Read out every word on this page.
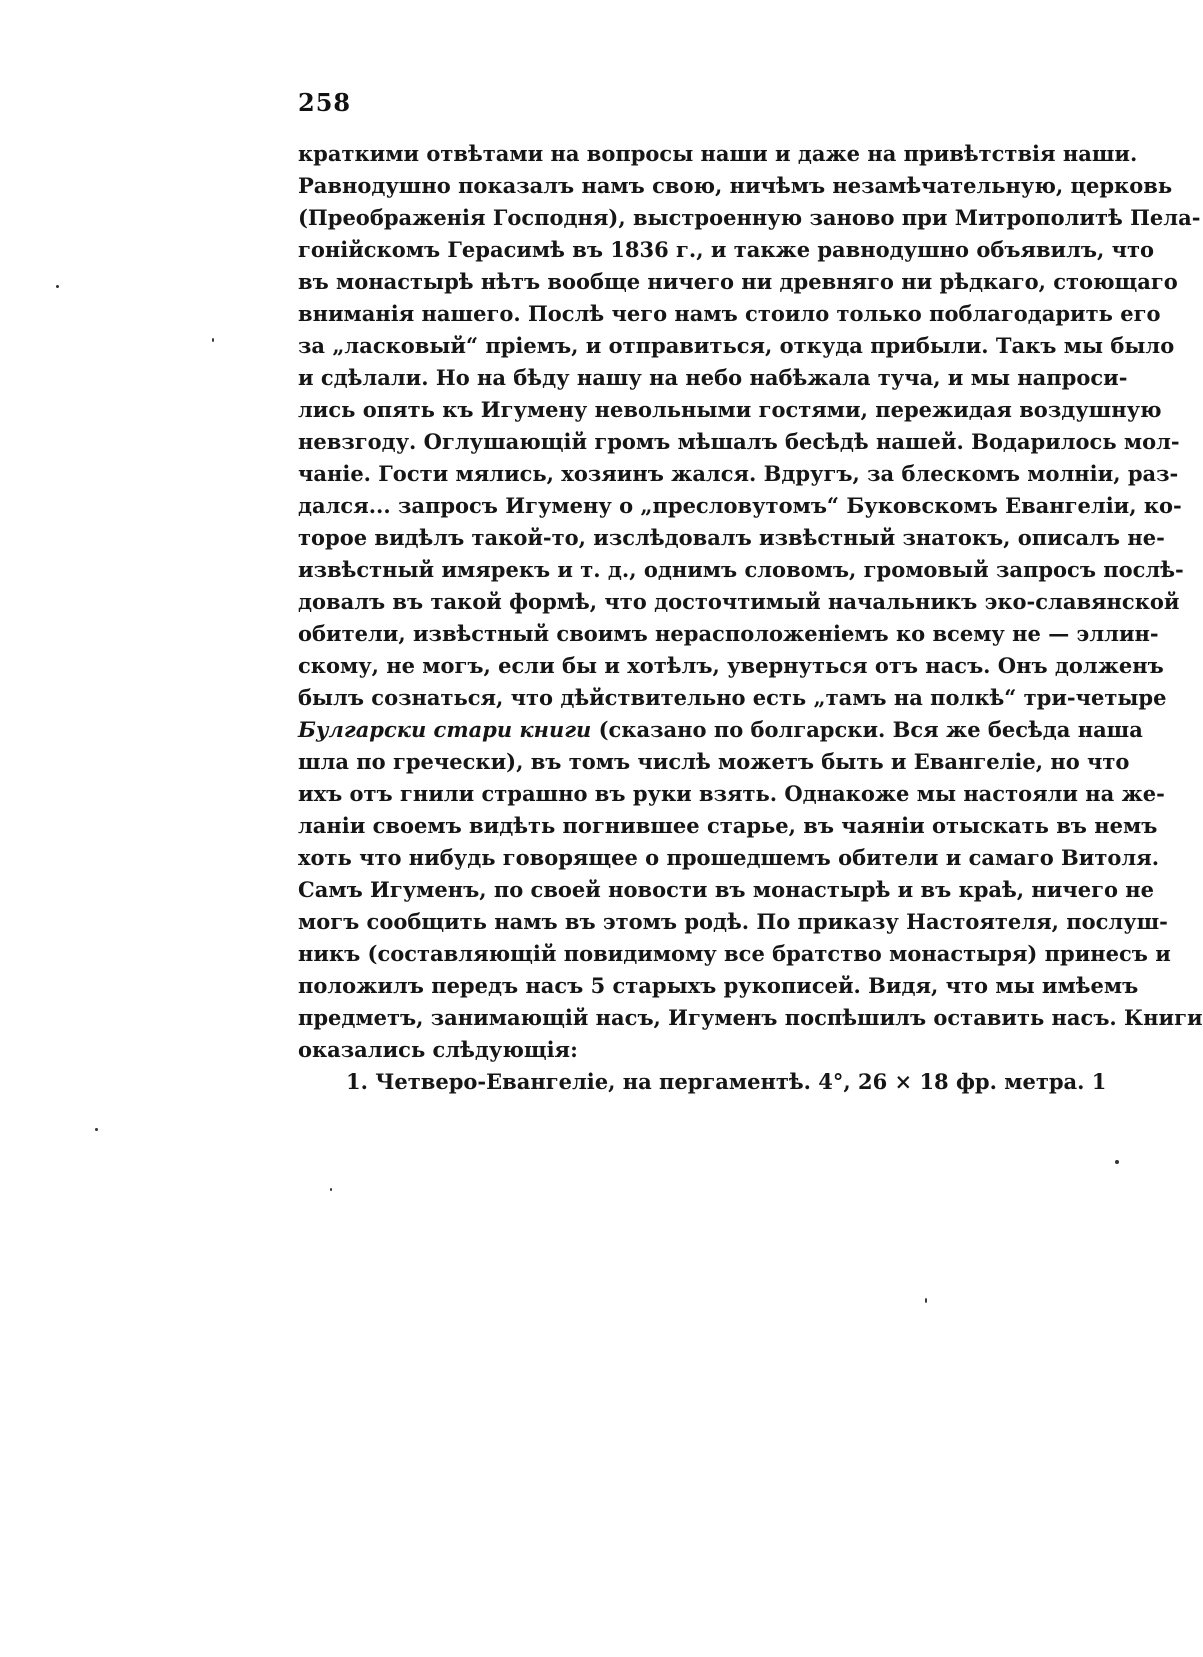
258
краткими отвѣтами на вопросы наши и даже на привѣтствія наши.
Равнодушно показалъ намъ свою, ничѣмъ незамѣчательную, церковь
(Преображенія Господня), выстроенную заново при Митрополитѣ Пела-
гонійскомъ Герасимѣ въ 1836 г., и также равнодушно объявилъ, что
въ монастырѣ нѣтъ вообще ничего ни древняго ни рѣдкаго, стоющаго
вниманія нашего. Послѣ чего намъ стоило только поблагодарить его
за „ласковый“ пріемъ, и отправиться, откуда прибыли. Такъ мы было
и сдѣлали. Но на бѣду нашу на небо набѣжала туча, и мы напроси-
лись опять къ Игумену невольными гостями, пережидая воздушную
невзгоду. Оглушающій громъ мѣшалъ бесѣдѣ нашей. Водарилось мол-
чаніе. Гости мялись, хозяинъ жался. Вдругъ, за блескомъ молніи, раз-
дался... запросъ Игумену о „пресловутомъ“ Буковскомъ Евангеліи, ко-
торое видѣлъ такой-то, изслѣдовалъ извѣстный знатокъ, описалъ не-
извѣстный имярекъ и т. д., однимъ словомъ, громовый запросъ послѣ-
довалъ въ такой формѣ, что досточтимый начальникъ эко-славянской
обители, извѣстный своимъ нерасположеніемъ ко всему не — эллин-
скому, не могъ, если бы и хотѣлъ, увернуться отъ насъ. Онъ долженъ
былъ сознаться, что дѣйствительно есть „тамъ на полкѣ“ три-четыре
Булгарски стари книги (сказано по болгарски. Вся же бесѣда наша
шла по гречески), въ томъ числѣ можетъ быть и Евангеліе, но что
ихъ отъ гнили страшно въ руки взять. Однакоже мы настояли на же-
ланіи своемъ видѣть погнившее старье, въ чаяніи отыскать въ немъ
хоть что нибудь говорящее о прошедшемъ обители и самаго Витоля.
Самъ Игуменъ, по своей новости въ монастырѣ и въ краѣ, ничего не
могъ сообщить намъ въ этомъ родѣ. По приказу Настоятеля, послуш-
никъ (составляющій повидимому все братство монастыря) принесъ и
положилъ передъ насъ 5 старыхъ рукописей. Видя, что мы имѣемъ
предметъ, занимающій насъ, Игуменъ поспѣшилъ оставить насъ. Книги
оказались слѣдующія:
1. Четверо-Евангеліе, на пергаментѣ. 4°, 26 × 18 фр. метра. 1
